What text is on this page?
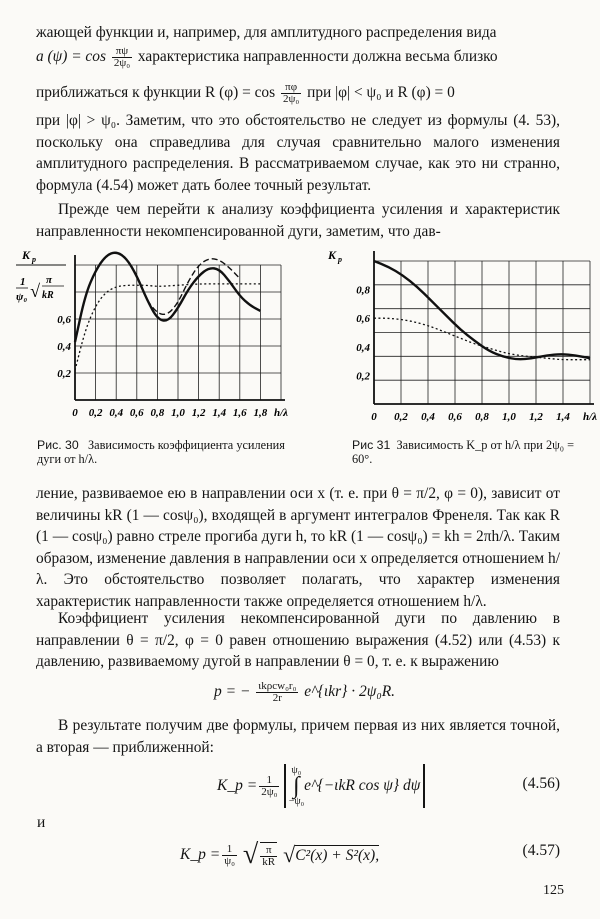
жающей функции и, например, для амплитудного распределения вида

a $(\psi) = \cos \frac{\pi\psi}{\text{2ψ₀}}$ характеристика направленности должна весьма близко
приближаться к функции R $(\varphi) = \cos \frac{\pi\varphi}{\text{2ψ₀}}$ при |φ| < ψ₀ и R (φ) = 0

при |φ| > ψ₀. Заметим, что это обстоятельство не следует из формулы (4. 53), поскольку она справедлива для случая сравнительно малого изменения амплитудного распределения. В рассматриваемом случае, как это ни странно, формула (4.54) может дать более точный результат.

Прежде чем перейти к анализу коэффициента усиления и характеристик направленности некомпенсированной дуги, заметим, что дав-

0 0,2 0,4 0,6 0,8 1,0 1,2 1,4 1,6 1,8 h/λ
0,2
0,4
0,6
K p
1
ψ₀ √
π
kR
0 0,2 0,4 0,6 0,8 1,0 1,2 1,4 h/λ
0,2
0,4
0,6
0,8
K p
Рис. 30 Зависимость коэффициента усиления дуги от h/λ.
Рис 31 Зависимость K_p от h/λ при 2ψ₀ = 60°.

ление, развиваемое ею в направлении оси x (т. е. при θ = π/2, φ = 0), зависит от величины kR (1 — cosψ₀), входящей в аргумент интегралов Френеля. Так как R (1 — cosψ₀) равно стреле прогиба дуги h, то kR (1 — cosψ₀) = kh = 2πh/λ. Таким образом, изменение давления в направлении оси x определяется отношением h/λ. Это обстоятельство позволяет полагать, что характер изменения характеристик направленности также определяется отношением h/λ.

Коэффициент усиления некомпенсированной дуги по давлению в направлении θ = π/2, φ = 0 равен отношению выражения (4.52) или (4.53) к давлению, развиваемому дугой в направлении θ = 0, т. е. к выражению

p = − $\frac{\text{ιkρcw₀r₀}}{2r}$ e^{ιkr} · 2ψ₀R.

В результате получим две формулы, причем первая из них является точной, а вторая — приближенной:

K_p = $\frac{1}{\text{2ψ₀}}$
ψ₀
∫
−ψ₀
e^{−ιkR cos ψ} dψ	(4.56)
и
K_p = $\frac{1}{\text{ψ₀}}$ √ $\frac{\pi}{kR}$ √ C²(x) + S²(x),	(4.57)
125
